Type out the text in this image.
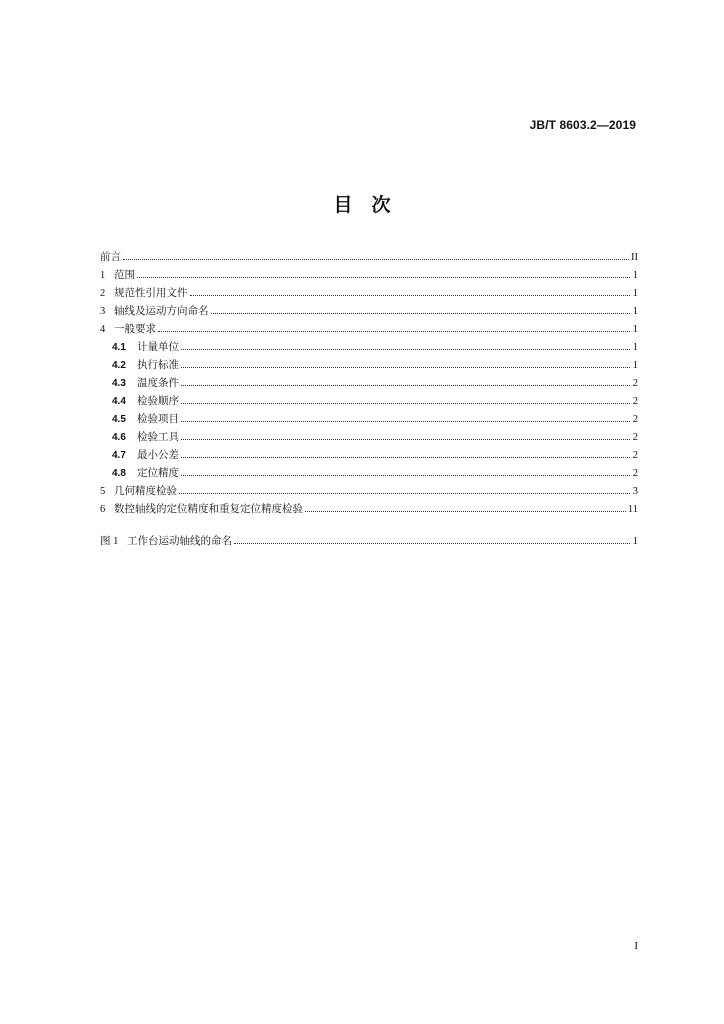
JB/T 8603.2—2019
目　次
前言	II
1 范围	1
2 规范性引用文件	1
3 轴线及运动方向命名	1
4 一般要求	1
4.1	计量单位	1
4.2	执行标准	1
4.3	温度条件	2
4.4	检验顺序	2
4.5	检验项目	2
4.6	检验工具	2
4.7	最小公差	2
4.8	定位精度	2
5 几何精度检验	3
6 数控轴线的定位精度和重复定位精度检验	11
图 1 工作台运动轴线的命名	1
I
